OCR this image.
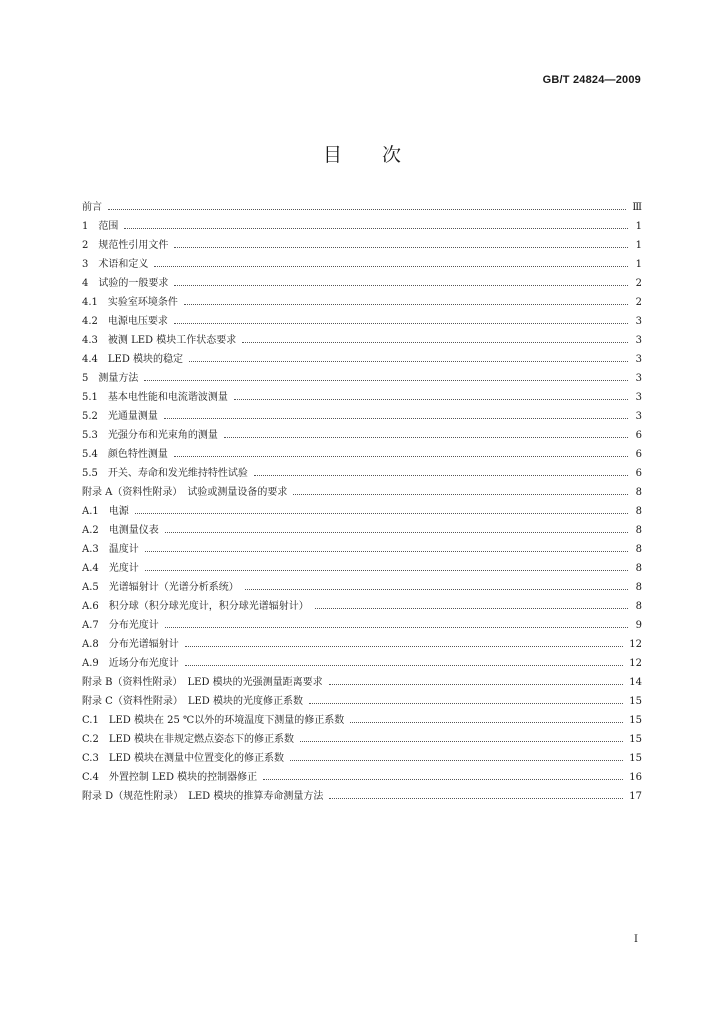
GB/T 24824—2009
目次
前言	Ⅲ
1　范围	1
2　规范性引用文件	1
3　术语和定义	1
4　试验的一般要求	2
4.1　实验室环境条件	2
4.2　电源电压要求	3
4.3　被测 LED 模块工作状态要求	3
4.4　LED 模块的稳定	3
5　测量方法	3
5.1　基本电性能和电流谐波测量	3
5.2　光通量测量	3
5.3　光强分布和光束角的测量	6
5.4　颜色特性测量	6
5.5　开关、寿命和发光维持特性试验	6
附录 A（资料性附录）　试验或测量设备的要求	8
A.1　电源	8
A.2　电测量仪表	8
A.3　温度计	8
A.4　光度计	8
A.5　光谱辐射计（光谱分析系统）	8
A.6　积分球（积分球光度计，积分球光谱辐射计）	8
A.7　分布光度计	9
A.8　分布光谱辐射计	12
A.9　近场分布光度计	12
附录 B（资料性附录）　LED 模块的光强测量距离要求	14
附录 C（资料性附录）　LED 模块的光度修正系数	15
C.1　LED 模块在 25 ℃以外的环境温度下测量的修正系数	15
C.2　LED 模块在非规定燃点姿态下的修正系数	15
C.3　LED 模块在测量中位置变化的修正系数	15
C.4　外置控制 LED 模块的控制器修正	16
附录 D（规范性附录）　LED 模块的推算寿命测量方法	17
I
